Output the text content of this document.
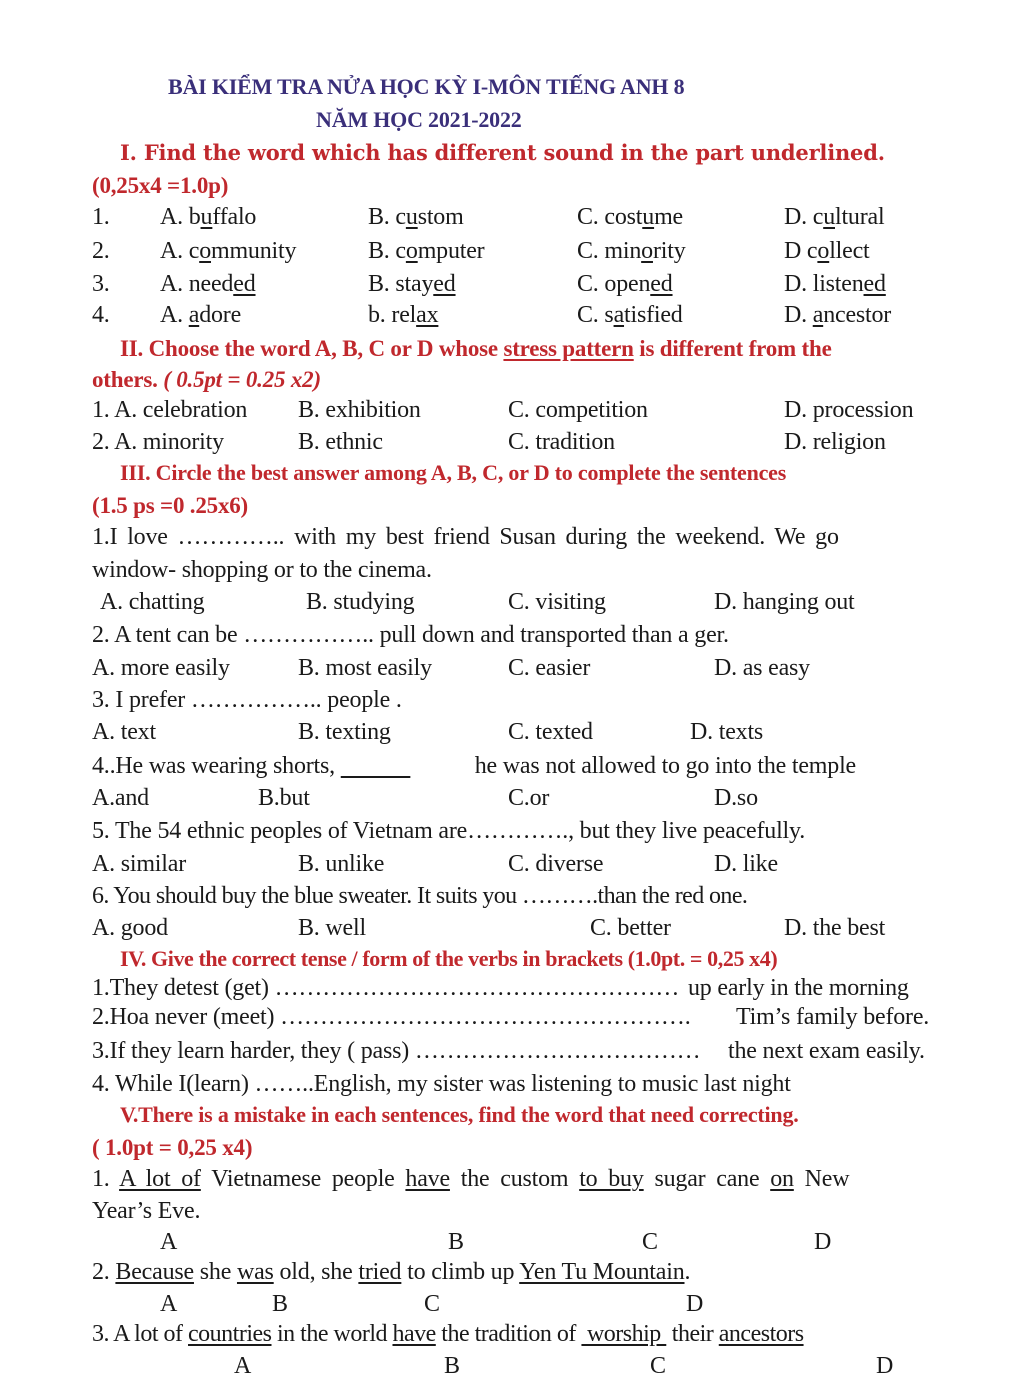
BÀI KIỂM TRA NỬA HỌC KỲ I-MÔN TIẾNG ANH 8
NĂM HỌC 2021-2022
I. Find the word which has different sound in the part underlined.
(0,25x4 =1.0p)
1. A. buffalo	B. custom	C. costume	D. cultural
2. A. community	B. computer	C. minority	D collect
3. A. needed	B. stayed	C. opened	D. listened
4. A. adore	b. relax	C. satisfied	D. ancestor
II. Choose the word A, B, C or D whose stress pattern is different from the
others. ( 0.5pt = 0.25 x2)
1. A. celebration B. exhibition	C. competition	D. procession
2. A. minority	B. ethnic	C. tradition	D. religion
III. Circle the best answer among A, B, C, or D to complete the sentences
(1.5 ps =0 .25x6)
1.I love ………….. with my best friend Susan during the weekend. We go
window- shopping or to the cinema.
A. chatting	B. studying	C. visiting	D. hanging out
2. A tent can be …………….. pull down and transported than a ger.
A. more easily	B. most easily	C. easier	D. as easy
3. I prefer …………….. people .
A. text	B. texting	C. texted	D. texts
4..He was wearing shorts,	he was not allowed to go into the temple
A.and	B.but	C.or	D.so
5. The 54 ethnic peoples of Vietnam are…………., but they live peacefully.
A. similar	B. unlike	C. diverse	D. like
6. You should buy the blue sweater. It suits you ……….than the red one.
A. good	B. well	C. better	D. the best
IV. Give the correct tense / form of the verbs in brackets (1.0pt. = 0,25 x4)
1.They detest (get) …………………………………………… up early in the morning
2.Hoa never (meet) ……………………………………………. Tim’s family before.
3.If they learn harder, they ( pass) ……………………………… the next exam easily.
4. While I(learn) ……..English, my sister was listening to music last night
V.There is a mistake in each sentences, find the word that need correcting.
( 1.0pt = 0,25 x4)
1. A lot of Vietnamese people have the custom to buy sugar cane on New
Year’s Eve.
A	B	C	D
2. Because she was old, she tried to climb up Yen Tu Mountain.
A	B	C	D
3. A lot of countries in the world have the tradition of  worship  their ancestors
A	B	C	D
